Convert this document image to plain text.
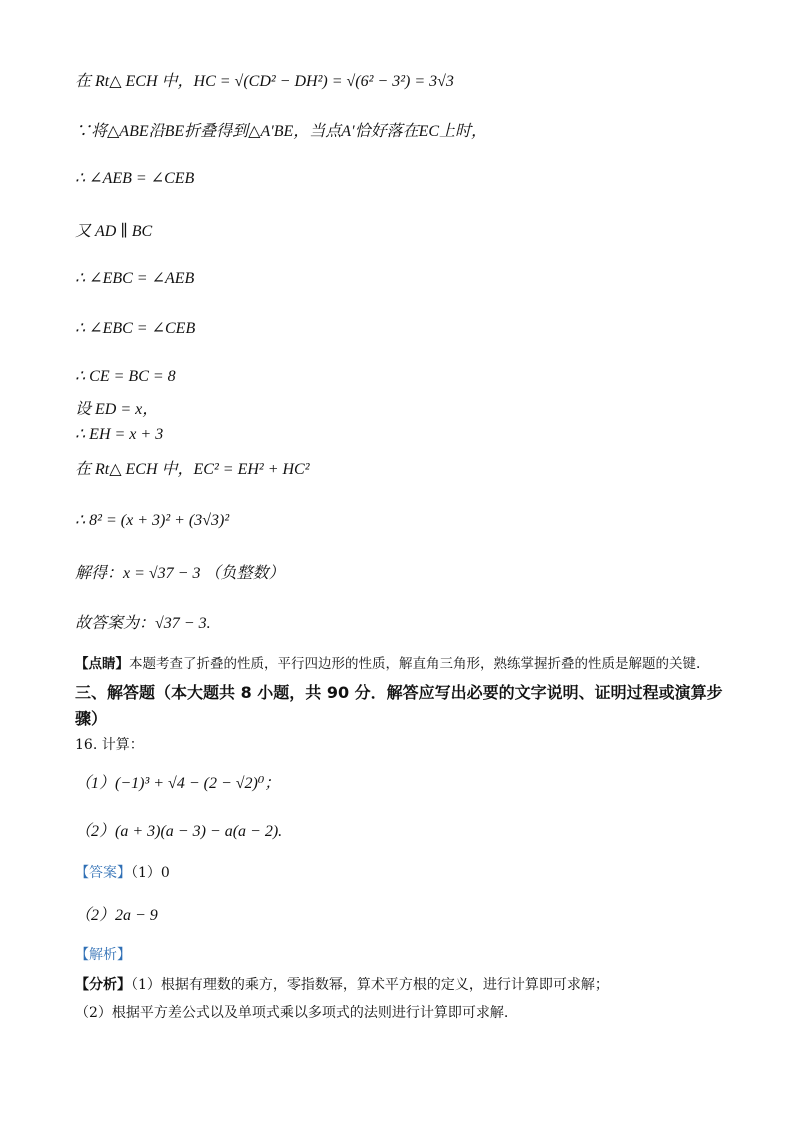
在 Rt△ ECH 中，HC = √(CD² − DH²) = √(6² − 3²) = 3√3
∵将△ABE沿BE折叠得到△A′BE，当点A′恰好落在EC上时，
∴ ∠AEB = ∠CEB
又 AD ∥ BC
∴ ∠EBC = ∠AEB
∴ ∠EBC = ∠CEB
∴ CE = BC = 8
设 ED = x，
∴ EH = x + 3
在 Rt△ ECH 中，EC² = EH² + HC²
∴ 8² = (x + 3)² + (3√3)²
解得：x = √37 − 3 （负整数）
故答案为：√37 − 3.
【点睛】本题考查了折叠的性质，平行四边形的性质，解直角三角形，熟练掌握折叠的性质是解题的关键.
三、解答题（本大题共 8 小题，共 90 分．解答应写出必要的文字说明、证明过程或演算步骤）
16. 计算：
（1）(−1)³ + √4 − (2 − √2)⁰；
（2）(a + 3)(a − 3) − a(a − 2).
【答案】（1）0
（2）2a − 9
【解析】
【分析】（1）根据有理数的乘方，零指数幂，算术平方根的定义，进行计算即可求解；
（2）根据平方差公式以及单项式乘以多项式的法则进行计算即可求解.
